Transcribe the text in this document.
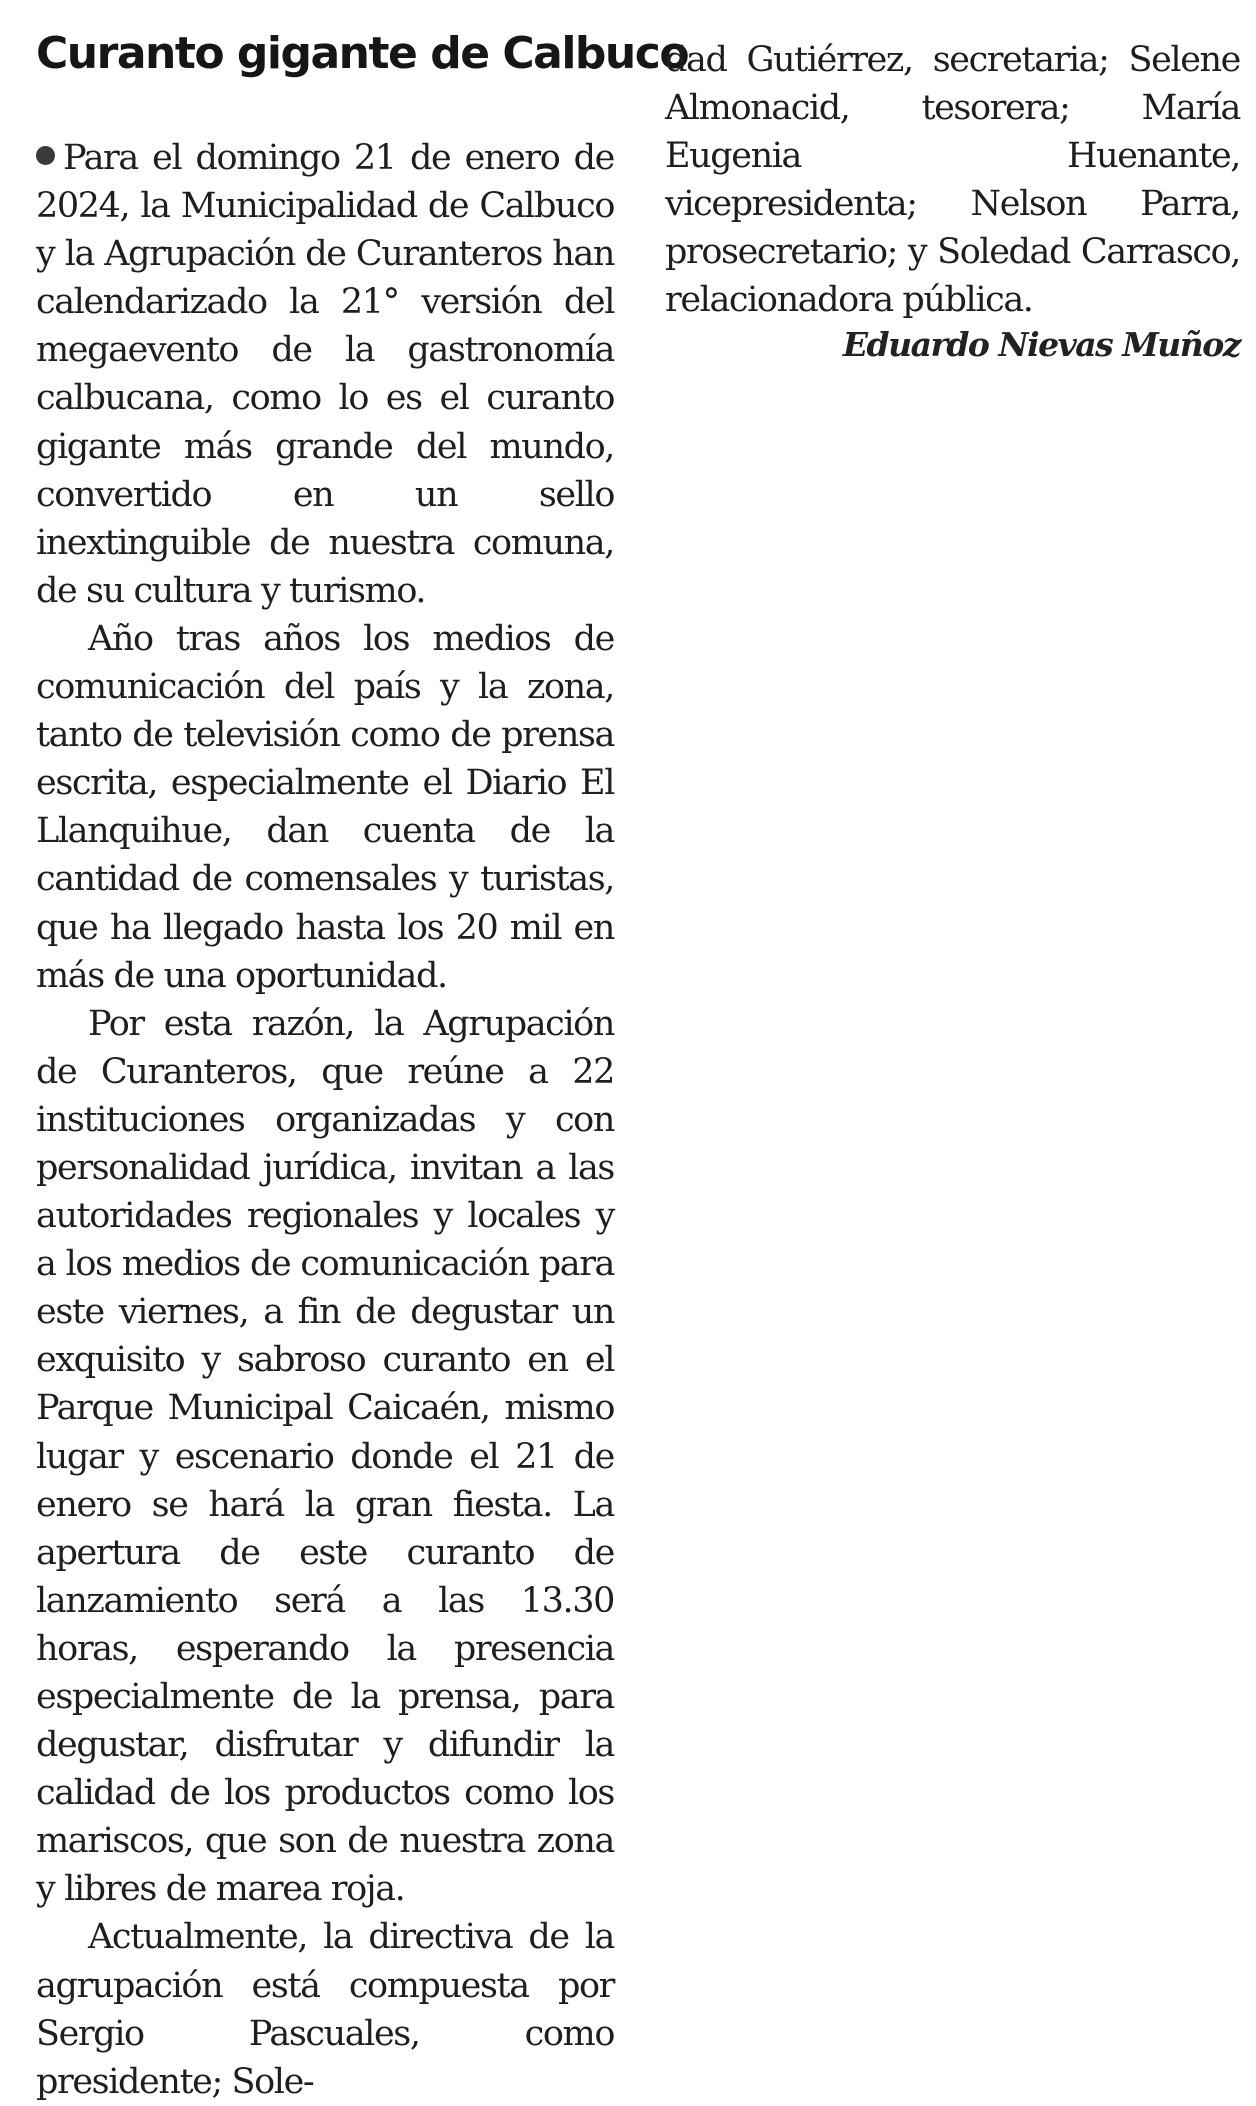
Curanto gigante de Calbuco

Para el domingo 21 de enero de 2024, la Municipalidad de Calbuco y la Agrupación de Curanteros han calendarizado la 21° versión del megaevento de la gastronomía calbucana, como lo es el curanto gigante más grande del mundo, convertido en un sello inextinguible de nuestra comuna, de su cultura y turismo.

Año tras años los medios de comunicación del país y la zona, tanto de televisión como de prensa escrita, especialmente el Diario El Llanquihue, dan cuenta de la cantidad de comensales y turistas, que ha llegado hasta los 20 mil en más de una oportunidad.

Por esta razón, la Agrupación de Curanteros, que reúne a 22 instituciones organizadas y con personalidad jurídica, invitan a las autoridades regionales y locales y a los medios de comunicación para este viernes, a fin de degustar un exquisito y sabroso curanto en el Parque Municipal Caicaén, mismo lugar y escenario donde el 21 de enero se hará la gran fiesta. La apertura de este curanto de lanzamiento será a las 13.30 horas, esperando la presencia especialmente de la prensa, para degustar, disfrutar y difundir la calidad de los productos como los mariscos, que son de nuestra zona y libres de marea roja.

Actualmente, la directiva de la agrupación está compuesta por Sergio Pascuales, como presidente; Sole-

dad Gutiérrez, secretaria; Selene Almonacid, tesorera; María Eugenia Huenante, vicepresidenta; Nelson Parra, prosecretario; y Soledad Carrasco, relacionadora pública.

Eduardo Nievas Muñoz
